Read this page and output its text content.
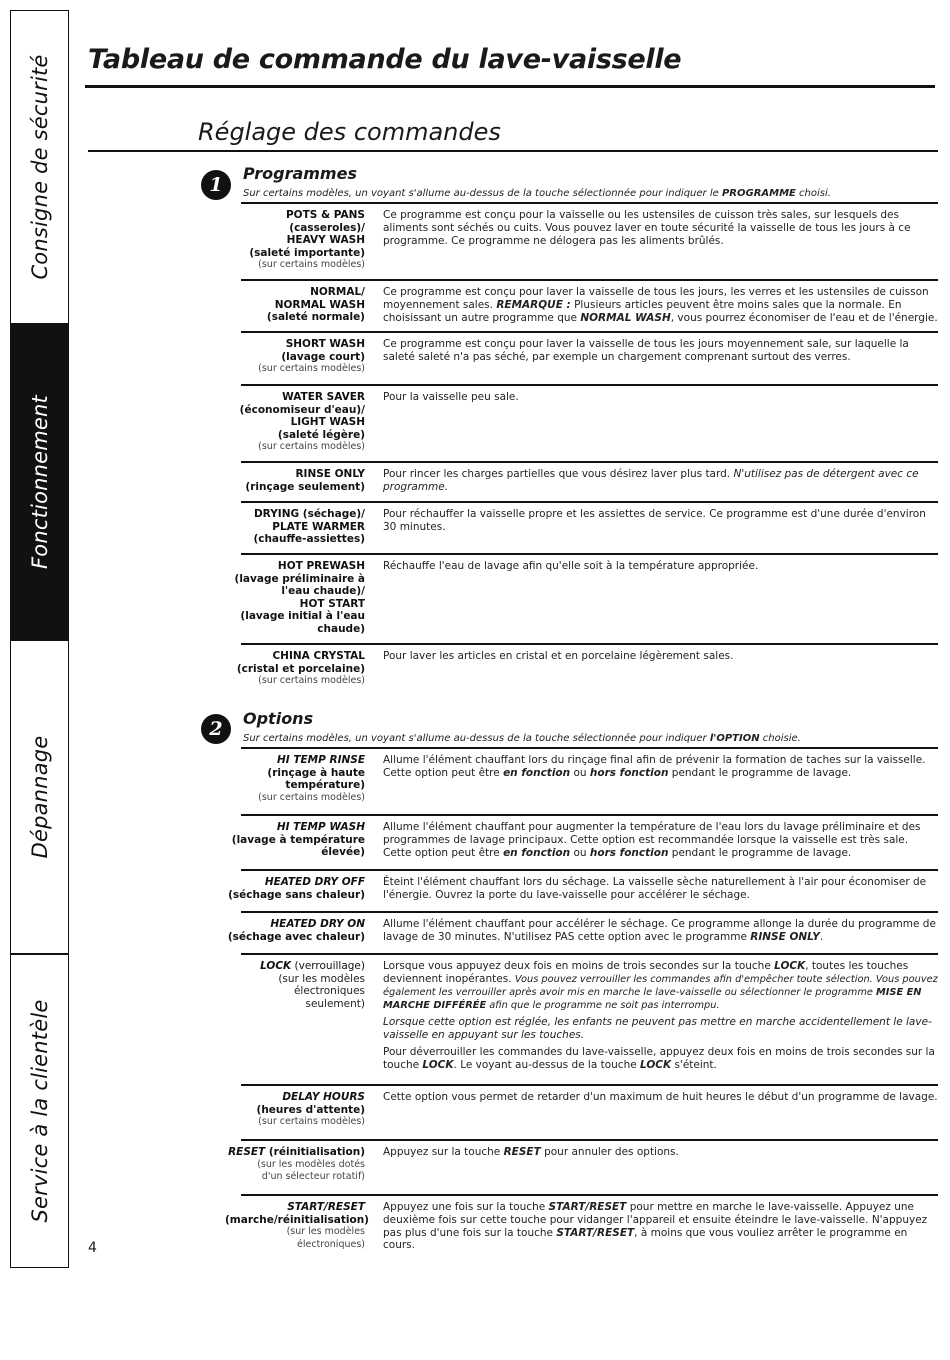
Consigne de sécurité
Fonctionnement
Dépannage
Service à la clientèle
Tableau de commande du lave-vaisselle
Réglage des commandes
1
Programmes

Sur certains modèles, un voyant s'allume au-dessus de la touche sélectionnée pour indiquer le PROGRAMME choisi.

POTS & PANS
(casseroles)/
HEAVY WASH
(saleté importante)
(sur certains modèles)
Ce programme est conçu pour la vaisselle ou les ustensiles de cuisson très sales, sur lesquels des aliments sont séchés ou cuits. Vous pouvez laver en toute sécurité la vaisselle de tous les jours à ce programme. Ce programme ne délogera pas les aliments brûlés.
NORMAL/
NORMAL WASH
(saleté normale)
Ce programme est conçu pour laver la vaisselle de tous les jours, les verres et les ustensiles de cuisson moyennement sales. REMARQUE : Plusieurs articles peuvent être moins sales que la normale. En choisissant un autre programme que NORMAL WASH, vous pourrez économiser de l'eau et de l'énergie.
SHORT WASH
(lavage court)
(sur certains modèles)
Ce programme est conçu pour laver la vaisselle de tous les jours moyennement sale, sur laquelle la saleté saleté n'a pas séché, par exemple un chargement comprenant surtout des verres.
WATER SAVER
(économiseur d'eau)/
LIGHT WASH
(saleté légère)
(sur certains modèles)
Pour la vaisselle peu sale.
RINSE ONLY
(rinçage seulement)
Pour rincer les charges partielles que vous désirez laver plus tard. N'utilisez pas de détergent avec ce programme.
DRYING (séchage)/
PLATE WARMER
(chauffe-assiettes)
Pour réchauffer la vaisselle propre et les assiettes de service. Ce programme est d'une durée d'environ 30 minutes.
HOT PREWASH
(lavage préliminaire à
l'eau chaude)/
HOT START
(lavage initial à l'eau
chaude)
Réchauffe l'eau de lavage afin qu'elle soit à la température appropriée.
CHINA CRYSTAL
(cristal et porcelaine)
(sur certains modèles)
Pour laver les articles en cristal et en porcelaine légèrement sales.
2	Options

Sur certains modèles, un voyant s'allume au-dessus de la touche sélectionnée pour indiquer l'OPTION choisie.

HI TEMP RINSE
(rinçage à haute
température)
(sur certains modèles)
Allume l'élément chauffant lors du rinçage final afin de prévenir la formation de taches sur la vaisselle. Cette option peut être en fonction ou hors fonction pendant le programme de lavage.
HI TEMP WASH
(lavage à température
élevée)
Allume l'élément chauffant pour augmenter la température de l'eau lors du lavage préliminaire et des programmes de lavage principaux. Cette option est recommandée lorsque la vaisselle est très sale. Cette option peut être en fonction ou hors fonction pendant le programme de lavage.
HEATED DRY OFF
(séchage sans chaleur)
Éteint l'élément chauffant lors du séchage. La vaisselle sèche naturellement à l'air pour économiser de l'énergie. Ouvrez la porte du lave-vaisselle pour accélérer le séchage.
HEATED DRY ON
(séchage avec chaleur)
Allume l'élément chauffant pour accélérer le séchage. Ce programme allonge la durée du programme de lavage de 30 minutes. N'utilisez PAS cette option avec le programme RINSE ONLY.
LOCK (verrouillage)
(sur les modèles
électroniques
seulement)

Lorsque vous appuyez deux fois en moins de trois secondes sur la touche LOCK, toutes les touches deviennent inopérantes. Vous pouvez verrouiller les commandes afin d'empêcher toute sélection. Vous pouvez également les verrouiller après avoir mis en marche le lave-vaisselle ou sélectionner le programme MISE EN MARCHE DIFFÉRÉE afin que le programme ne soit pas interrompu.

Lorsque cette option est réglée, les enfants ne peuvent pas mettre en marche accidentellement le lave-vaisselle en appuyant sur les touches.

Pour déverrouiller les commandes du lave-vaisselle, appuyez deux fois en moins de trois secondes sur la touche LOCK. Le voyant au-dessus de la touche LOCK s'éteint.

DELAY HOURS
(heures d'attente)
(sur certains modèles)
Cette option vous permet de retarder d'un maximum de huit heures le début d'un programme de lavage.
RESET (réinitialisation)
(sur les modèles dotés
d'un sélecteur rotatif)
Appuyez sur la touche RESET pour annuler des options.
START/RESET
(marche/réinitialisation)
(sur les modèles
électroniques)
Appuyez une fois sur la touche START/RESET pour mettre en marche le lave-vaisselle. Appuyez une deuxième fois sur cette touche pour vidanger l'appareil et ensuite éteindre le lave-vaisselle. N'appuyez pas plus d'une fois sur la touche START/RESET, à moins que vous vouliez arrêter le programme en cours.
4
